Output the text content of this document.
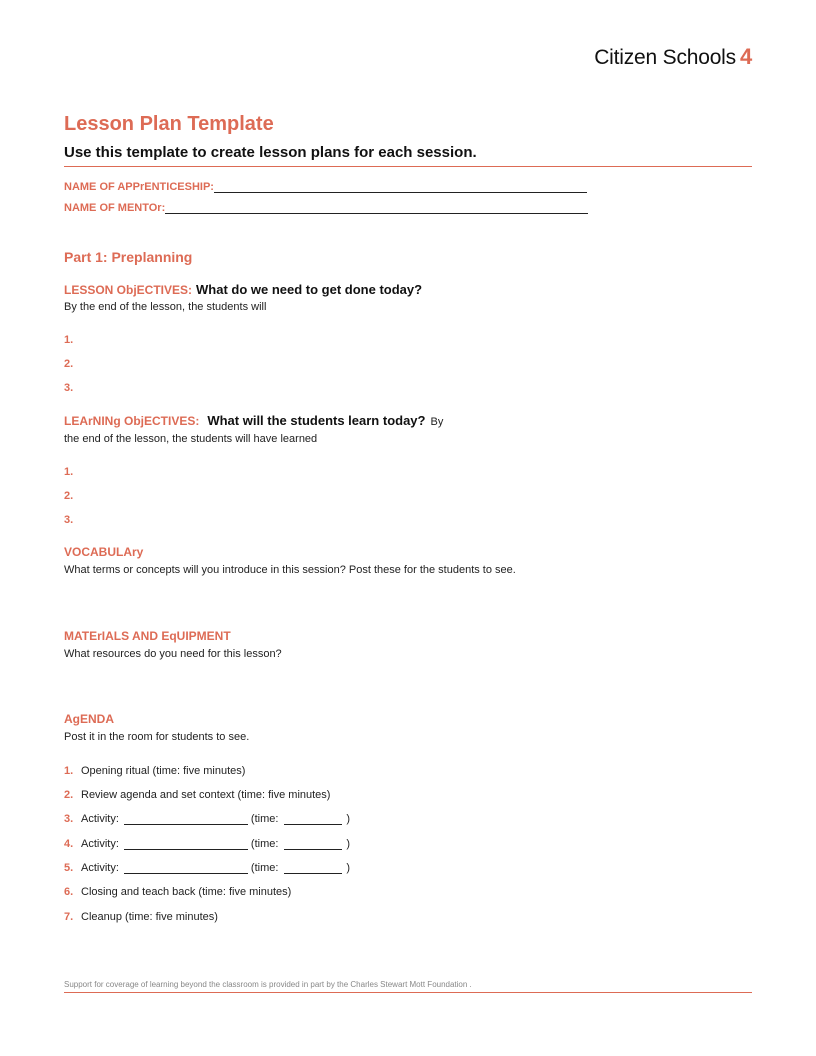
Citizen Schools 4
Lesson Plan Template
Use this template to create lesson plans for each session.
NAME OF APPrENTICESHIP:
NAME OF MENTOr:
Part 1: Preplanning
LESSON ObjECTIVES: What do we need to get done today?
By the end of the lesson, the students will
1.
2.
3.
LEArNINg ObjECTIVES: What will the students learn today? By
the end of the lesson, the students will have learned
1.
2.
3.
VOCABULAry
What terms or concepts will you introduce in this session? Post these for the students to see.
MATErIALS AND EqUIPMENT
What resources do you need for this lesson?
AgENDA
Post it in the room for students to see.
1. Opening ritual (time: five minutes)
2. Review agenda and set context (time: five minutes)
3. Activity:	(time:	)
4. Activity:	(time:	)
5. Activity:	(time:	)
6. Closing and teach back (time: five minutes)
7. Cleanup (time: five minutes)
Support for coverage of learning beyond the classroom is provided in part by the Charles Stewart Mott Foundation .
